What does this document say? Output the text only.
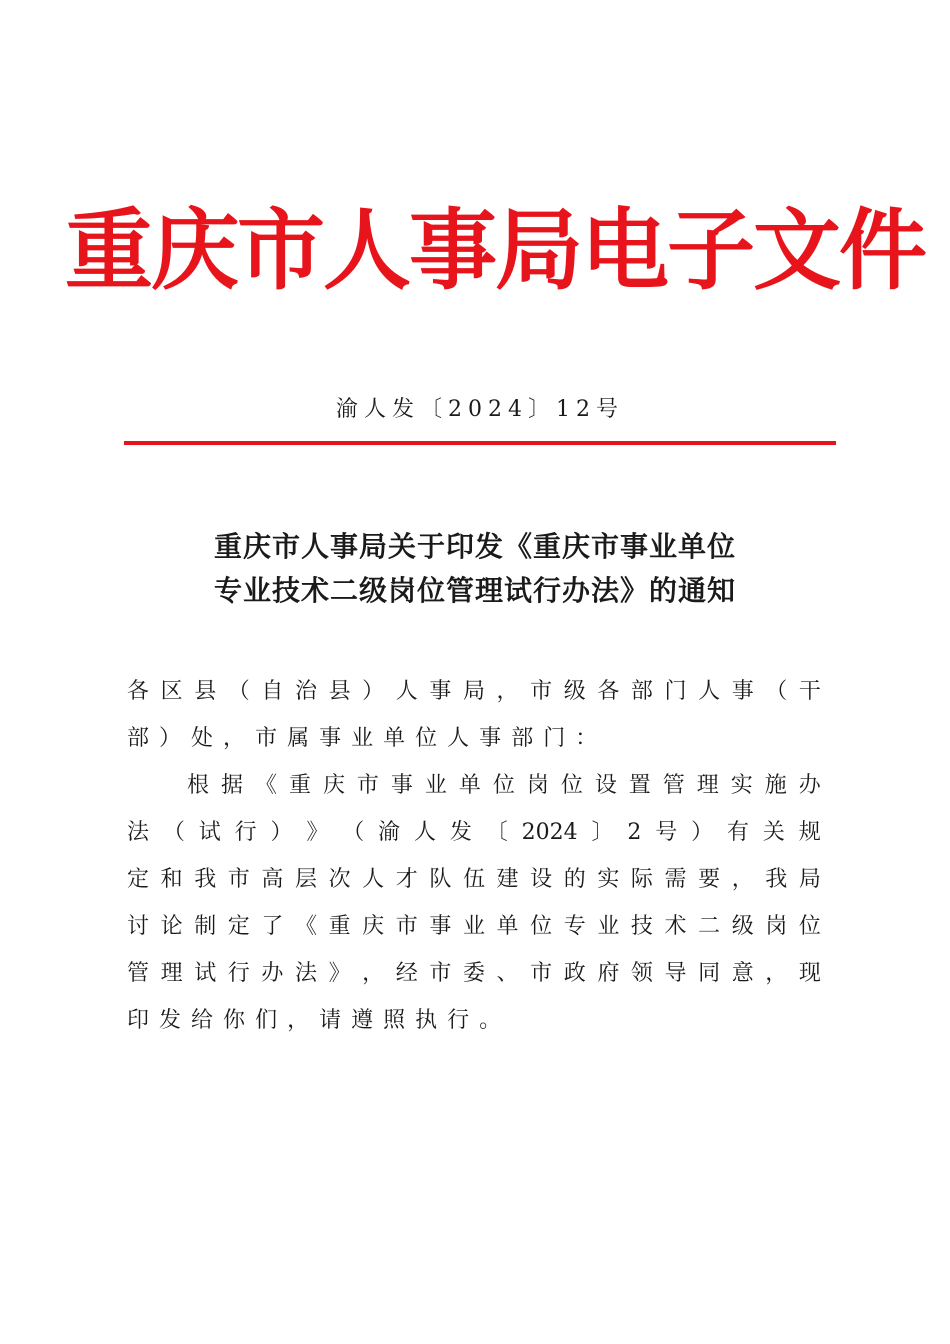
重庆市人事局电子文件
渝人发〔2024〕12号
重庆市人事局关于印发《重庆市事业单位
专业技术二级岗位管理试行办法》的通知
各 区 县 （ 自 治 县 ） 人 事 局 ， 市 级 各 部 门 人 事 （ 干
部 ） 处 ， 市 属 事 业 单 位 人 事 部 门 ：
根 据 《 重 庆 市 事 业 单 位 岗 位 设 置 管 理 实 施 办
法 （ 试 行 ） 》 （ 渝 人 发 〔 2024 〕 2 号 ） 有 关 规
定 和 我 市 高 层 次 人 才 队 伍 建 设 的 实 际 需 要 ， 我 局
讨 论 制 定 了 《 重 庆 市 事 业 单 位 专 业 技 术 二 级 岗 位
管 理 试 行 办 法 》 ， 经 市 委 、 市 政 府 领 导 同 意 ， 现
印 发 给 你 们 ， 请 遵 照 执 行 。
